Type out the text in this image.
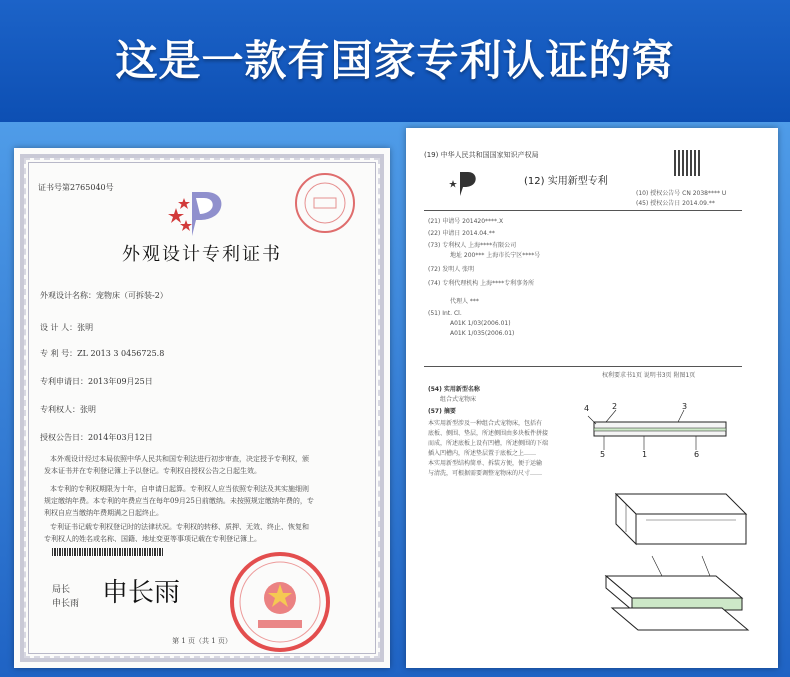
这是一款有国家专利认证的窝
证书号第2765040号
外观设计专利证书
外观设计名称：宠物床（可拆装-2）
设 计 人：张明
专 利 号：ZL 2013 3 0456725.8
专利申请日：2013年09月25日
专利权人：张明
授权公告日：2014年03月12日
本外观设计经过本局依照中华人民共和国专利法进行初步审查，决定授予专利权，颁
发本证书并在专利登记簿上予以登记。专利权自授权公告之日起生效。
本专利的专利权期限为十年，自申请日起算。专利权人应当依照专利法及其实施细则
规定缴纳年费。本专利的年费应当在每年09月25日前缴纳。未按照规定缴纳年费的，专
利权自应当缴纳年费期满之日起终止。
专利证书记载专利权登记时的法律状况。专利权的转移、质押、无效、终止、恢复和
专利权人的姓名或名称、国籍、地址变更等事项记载在专利登记簿上。
局长
申长雨 申长雨
第 1 页（共 1 页）
(19) 中华人民共和国国家知识产权局
(12) 实用新型专利
(10) 授权公告号 CN 2038**** U
(45) 授权公告日 2014.09.**
(21) 申请号 201420****.X
(22) 申请日 2014.04.**
(73) 专利权人 上海****有限公司
地址 200*** 上海市长宁区****号
(72) 发明人 张明
(74) 专利代理机构 上海****专利事务所
代理人 ***
(51) Int. Cl.
A01K 1/03(2006.01)
A01K 1/035(2006.01)
权利要求书1页 说明书3页 附图1页
(54) 实用新型名称
组合式宠物床
(57) 摘要
本实用新型涉及一种组合式宠物床，包括有
底板、侧围、垫层，所述侧围由多块板件拼接
而成，所述底板上设有凹槽，所述侧围的下端
插入凹槽内，所述垫层置于底板之上……
本实用新型结构简单、拆装方便，便于运输
与清洗，可根据需要调整宠物床的尺寸……
4	2	3
5	1	6
